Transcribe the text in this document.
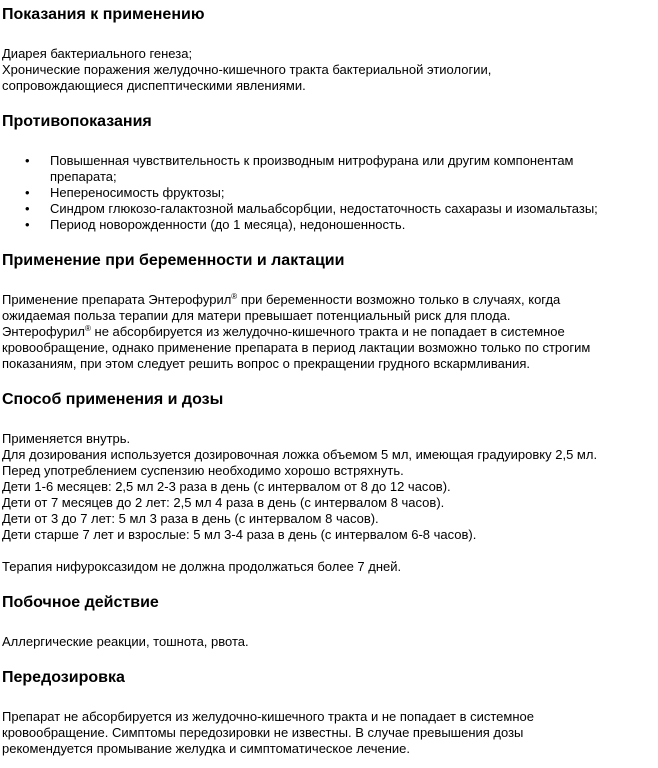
Показания к применению
Диарея бактериального генеза;
Хронические поражения желудочно-кишечного тракта бактериальной этиологии,
сопровождающиеся диспептическими явлениями.
Противопоказания
• Повышенная чувствительность к производным нитрофурана или другим компонентам
препарата;
• Непереносимость фруктозы;
• Синдром глюкозо-галактозной мальабсорбции, недостаточность сахаразы и изомальтазы;
• Период новорожденности (до 1 месяца), недоношенность.
Применение при беременности и лактации
Применение препарата Энтерофурил® при беременности возможно только в случаях, когда
ожидаемая польза терапии для матери превышает потенциальный риск для плода.
Энтерофурил® не абсорбируется из желудочно-кишечного тракта и не попадает в системное
кровообращение, однако применение препарата в период лактации возможно только по строгим
показаниям, при этом следует решить вопрос о прекращении грудного вскармливания.
Способ применения и дозы
Применяется внутрь.
Для дозирования используется дозировочная ложка объемом 5 мл, имеющая градуировку 2,5 мл.
Перед употреблением суспензию необходимо хорошо встряхнуть.
Дети 1-6 месяцев: 2,5 мл 2-3 раза в день (с интервалом от 8 до 12 часов).
Дети от 7 месяцев до 2 лет: 2,5 мл 4 раза в день (с интервалом 8 часов).
Дети от 3 до 7 лет: 5 мл 3 раза в день (с интервалом 8 часов).
Дети старше 7 лет и взрослые: 5 мл 3-4 раза в день (с интервалом 6-8 часов).
Терапия нифуроксазидом не должна продолжаться более 7 дней.
Побочное действие
Аллергические реакции, тошнота, рвота.
Передозировка
Препарат не абсорбируется из желудочно-кишечного тракта и не попадает в системное
кровообращение. Симптомы передозировки не известны. В случае превышения дозы
рекомендуется промывание желудка и симптоматическое лечение.
